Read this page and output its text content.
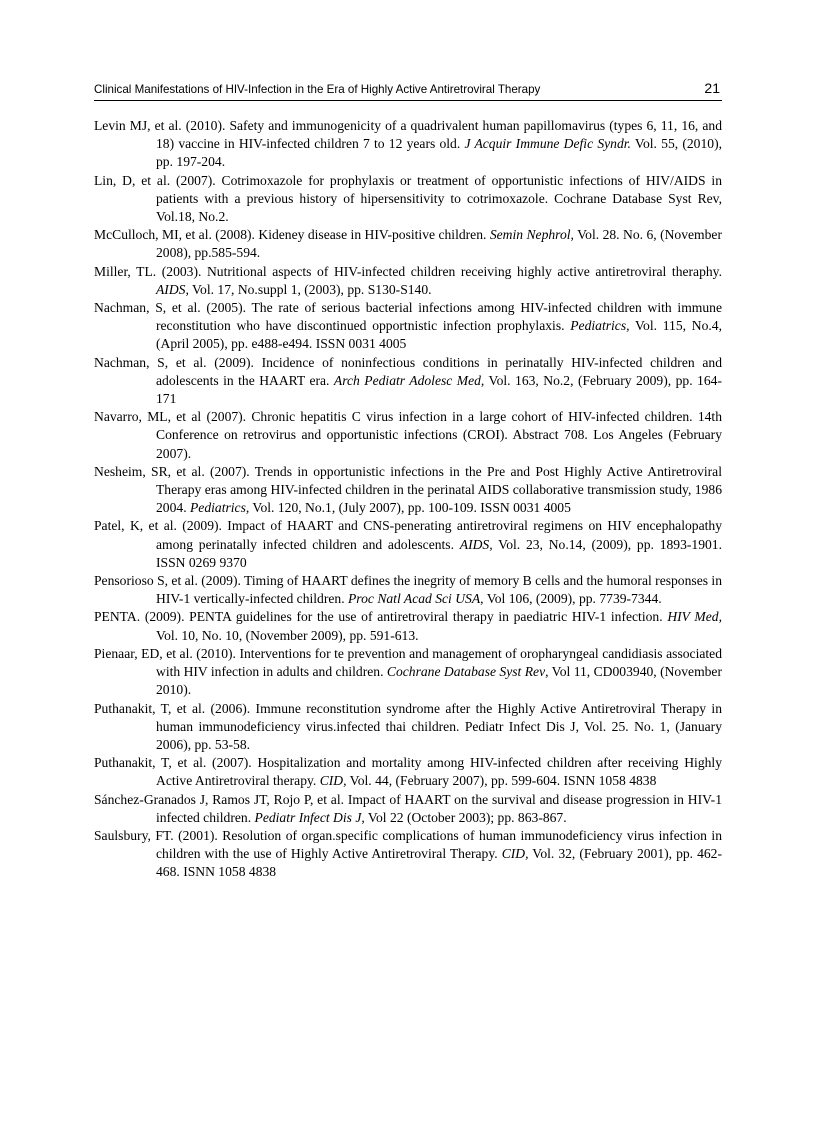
Clinical Manifestations of HIV-Infection in the Era of Highly Active Antiretroviral Therapy	21
Levin MJ, et al. (2010). Safety and immunogenicity of a quadrivalent human papillomavirus (types 6, 11, 16, and 18) vaccine in HIV-infected children 7 to 12 years old. J Acquir Immune Defic Syndr. Vol. 55, (2010), pp. 197-204.
Lin, D, et al. (2007). Cotrimoxazole for prophylaxis or treatment of opportunistic infections of HIV/AIDS in patients with a previous history of hipersensitivity to cotrimoxazole. Cochrane Database Syst Rev, Vol.18, No.2.
McCulloch, MI, et al. (2008). Kideney disease in HIV-positive children. Semin Nephrol, Vol. 28. No. 6, (November 2008), pp.585-594.
Miller, TL. (2003). Nutritional aspects of HIV-infected children receiving highly active antiretroviral theraphy. AIDS, Vol. 17, No.suppl 1, (2003), pp. S130-S140.
Nachman, S, et al. (2005). The rate of serious bacterial infections among HIV-infected children with immune reconstitution who have discontinued opportnistic infection prophylaxis. Pediatrics, Vol. 115, No.4, (April 2005), pp. e488-e494. ISSN 0031 4005
Nachman, S, et al. (2009). Incidence of noninfectious conditions in perinatally HIV-infected children and adolescents in the HAART era. Arch Pediatr Adolesc Med, Vol. 163, No.2, (February 2009), pp. 164-171
Navarro, ML, et al (2007). Chronic hepatitis C virus infection in a large cohort of HIV-infected children. 14th Conference on retrovirus and opportunistic infections (CROI). Abstract 708. Los Angeles (February 2007).
Nesheim, SR, et al. (2007). Trends in opportunistic infections in the Pre and Post Highly Active Antiretroviral Therapy eras among HIV-infected children in the perinatal AIDS collaborative transmission study, 1986 2004. Pediatrics, Vol. 120, No.1, (July 2007), pp. 100-109. ISSN 0031 4005
Patel, K, et al. (2009). Impact of HAART and CNS-penerating antiretroviral regimens on HIV encephalopathy among perinatally infected children and adolescents. AIDS, Vol. 23, No.14, (2009), pp. 1893-1901. ISSN 0269 9370
Pensorioso S, et al. (2009). Timing of HAART defines the inegrity of memory B cells and the humoral responses in HIV-1 vertically-infected children. Proc Natl Acad Sci USA, Vol 106, (2009), pp. 7739-7344.
PENTA. (2009). PENTA guidelines for the use of antiretroviral therapy in paediatric HIV-1 infection. HIV Med, Vol. 10, No. 10, (November 2009), pp. 591-613.
Pienaar, ED, et al. (2010). Interventions for te prevention and management of oropharyngeal candidiasis associated with HIV infection in adults and children. Cochrane Database Syst Rev, Vol 11, CD003940, (November 2010).
Puthanakit, T, et al. (2006). Immune reconstitution syndrome after the Highly Active Antiretroviral Therapy in human immunodeficiency virus.infected thai children. Pediatr Infect Dis J, Vol. 25. No. 1, (January 2006), pp. 53-58.
Puthanakit, T, et al. (2007). Hospitalization and mortality among HIV-infected children after receiving Highly Active Antiretroviral therapy. CID, Vol. 44, (February 2007), pp. 599-604. ISNN 1058 4838
Sánchez-Granados J, Ramos JT, Rojo P, et al. Impact of HAART on the survival and disease progression in HIV-1 infected children. Pediatr Infect Dis J, Vol 22 (October 2003); pp. 863-867.
Saulsbury, FT. (2001). Resolution of organ.specific complications of human immunodeficiency virus infection in children with the use of Highly Active Antiretroviral Therapy. CID, Vol. 32, (February 2001), pp. 462-468. ISNN 1058 4838
